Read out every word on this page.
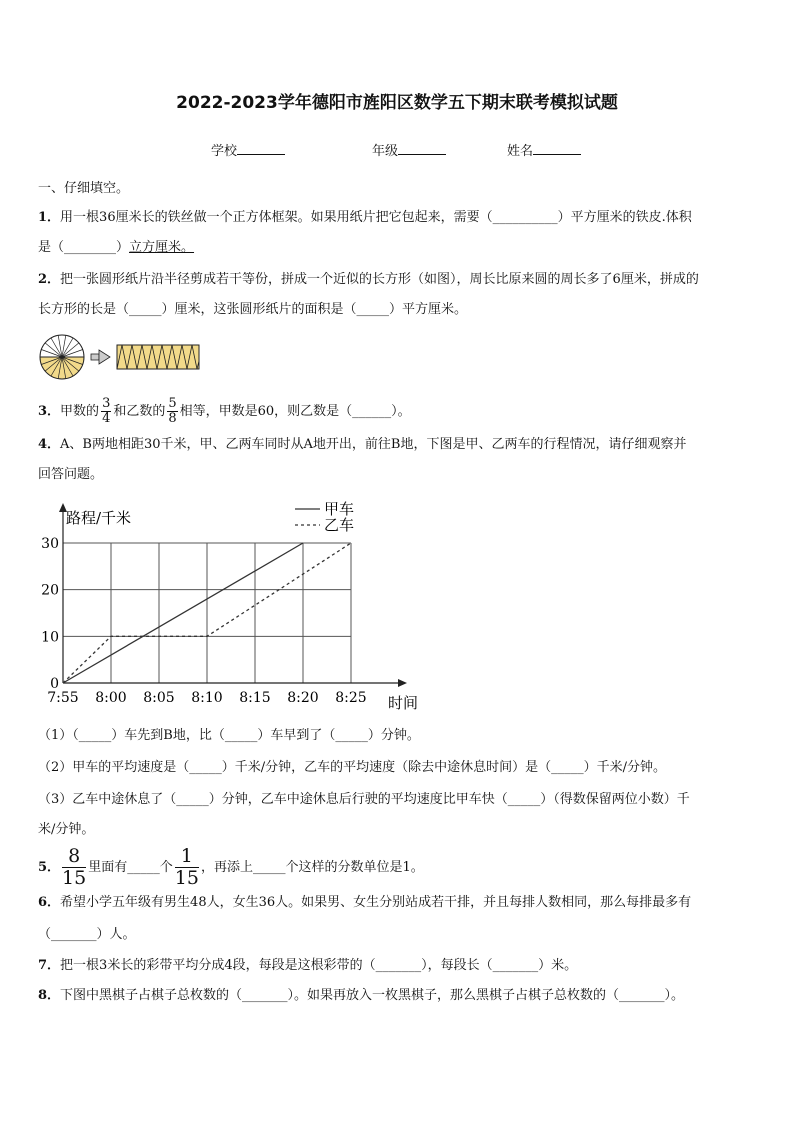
2022-2023学年德阳市旌阳区数学五下期末联考模拟试题
学校	年级	姓名
一、仔细填空。
1．用一根36厘米长的铁丝做一个正方体框架。如果用纸片把它包起来，需要（__________）平方厘米的铁皮.体积
是（________）立方厘米。
2．把一张圆形纸片沿半径剪成若干等份，拼成一个近似的长方形（如图），周长比原来圆的周长多了6厘米，拼成的
长方形的长是（_____）厘米，这张圆形纸片的面积是（_____）平方厘米。
3．甲数的 $\frac{3}{4}$ 和乙数的 $\frac{5}{8}$ 相等，甲数是60，则乙数是（______）。
4．A、B两地相距30千米，甲、乙两车同时从A地开出，前往B地，下图是甲、乙两车的行程情况，请仔细观察并
回答问题。
路程/千米
时间
0
10
20
30
7:55 8:00 8:05 8:10 8:15 8:20 8:25
甲车
乙车
（1）（_____）车先到B地，比（_____）车早到了（_____）分钟。
（2）甲车的平均速度是（_____）千米/分钟，乙车的平均速度（除去中途休息时间）是（_____）千米/分钟。
（3）乙车中途休息了（_____）分钟，乙车中途休息后行驶的平均速度比甲车快（_____）（得数保留两位小数）千
米/分钟。
5． $\frac{8}{15}$ 里面有_____个 $\frac{1}{15}$ ，再添上_____个这样的分数单位是1。
6．希望小学五年级有男生48人，女生36人。如果男、女生分别站成若干排，并且每排人数相同，那么每排最多有
（_______）人。
7．把一根3米长的彩带平均分成4段，每段是这根彩带的（_______），每段长（_______）米。
8．下图中黑棋子占棋子总枚数的（_______）。如果再放入一枚黑棋子，那么黑棋子占棋子总枚数的（_______）。
